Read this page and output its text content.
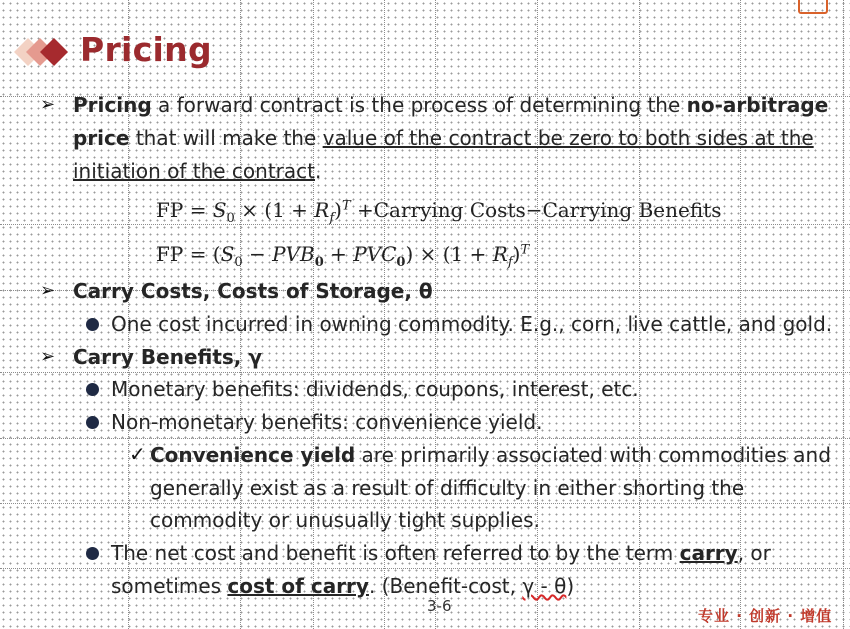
Pricing
➢ Pricing a forward contract is the process of determining the no-arbitrage
price that will make the value of the contract be zero to both sides at the
initiation of the contract.
FP = $S_0 \times (1 + R_f)^T$ +Carrying Costs−Carrying Benefits
FP = $(S_0 - PVB_0 + PVC_0) \times (1 + R_f)^T$
➢ Carry Costs, Costs of Storage, θ
One cost incurred in owning commodity. E.g., corn, live cattle, and gold.
➢ Carry Benefits, γ
Monetary benefits: dividends, coupons, interest, etc.
Non-monetary benefits: convenience yield.
✓ Convenience yield are primarily associated with commodities and
generally exist as a result of difficulty in either shorting the
commodity or unusually tight supplies.
The net cost and benefit is often referred to by the term carry, or
sometimes cost of carry. (Benefit-cost, γ - θ)
3-6
专业 · 创新 · 增值
